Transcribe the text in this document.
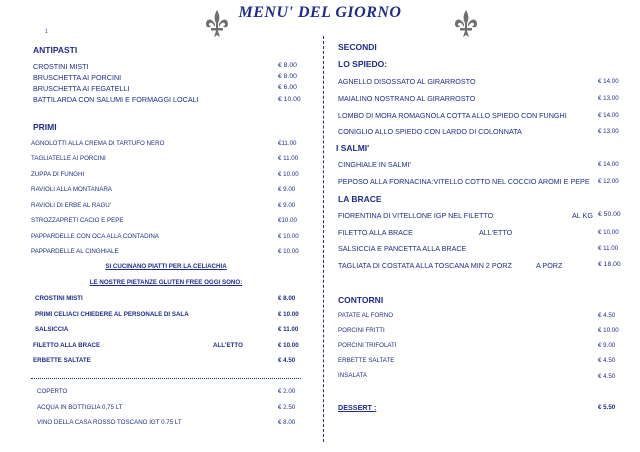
MENU' DEL GIORNO
1
ANTIPASTI
CROSTINI MISTI	€ 8.00
BRUSCHETTA AI PORCINI	€ 8.00
BRUSCHETTA AI FEGATELLI	€ 6.00
BATTILARDA CON SALUMI E FORMAGGI LOCALI	€ 10.00
PRIMI
AGNOLOTTI ALLA CREMA DI TARTUFO NERO	€11.00
TAGLIATELLE AI PORCINI	€ 11.00
ZUPPA DI FUNGHI	€ 10.00
RAVIOLI ALLA MONTANARA	€ 9.00
RAVIOLI DI ERBE AL RAGU'	€ 9.00
STROZZAPRETI CACIO E PEPE	€10.00
PAPPARDELLE CON OCA ALLA CONTADINA	€ 10.00
PAPPARDELLE AL CINGHIALE	€ 10.00
SI CUCINANO PIATTI PER LA CELIACHIA
LE NOSTRE PIETANZE GLUTEN FREE OGGI SONO:
CROSTINI MISTI	€ 8.00
PRIMI CELIACI CHIEDERE AL PERSONALE DI SALA	€ 10.00
SALSICCIA	€ 11.00
FILETTO ALLA BRACE	ALL'ETTO	€ 10.00
ERBETTE SALTATE	€ 4.50
COPERTO	€ 2.00
ACQUA IN BOTTIGLIA 0,75 LT	€ 2.50
VINO DELLA CASA ROSSO TOSCANO IGT 0.75 LT	€ 8.00
SECONDI
LO SPIEDO:
AGNELLO DISOSSATO AL GIRARROSTO	€ 14.00
MAIALINO NOSTRANO AL GIRARROSTO	€ 13.00
LOMBO DI MORA ROMAGNOLA COTTA ALLO SPIEDO CON FUNGHI	€ 14.00
CONIGLIO ALLO SPIEDO CON LARDO DI COLONNATA	€ 13.00
I SALMI'
CINGHIALE IN SALMI'	€ 14.00
PEPOSO ALLA FORNACINA:VITELLO COTTO NEL COCCIO AROMI E PEPE € 12.00
LA BRACE
FIORENTINA DI VITELLONE IGP NEL FILETTO	AL KG € 50.00
FILETTO ALLA BRACE	ALL'ETTO	€ 10.00
SALSICCIA E PANCETTA ALLA BRACE	€ 11.00
TAGLIATA DI COSTATA ALLA TOSCANA MIN 2 PORZ	A PORZ	€ 18.00
CONTORNI
PATATE AL FORNO	€ 4.50
PORCINI FRITTI	€ 10.00
PORCINI TRIFOLATI	€ 9.00
ERBETTE SALTATE	€ 4.50
INSALATA	€ 4.50
DESSERT :	€ 5.50
